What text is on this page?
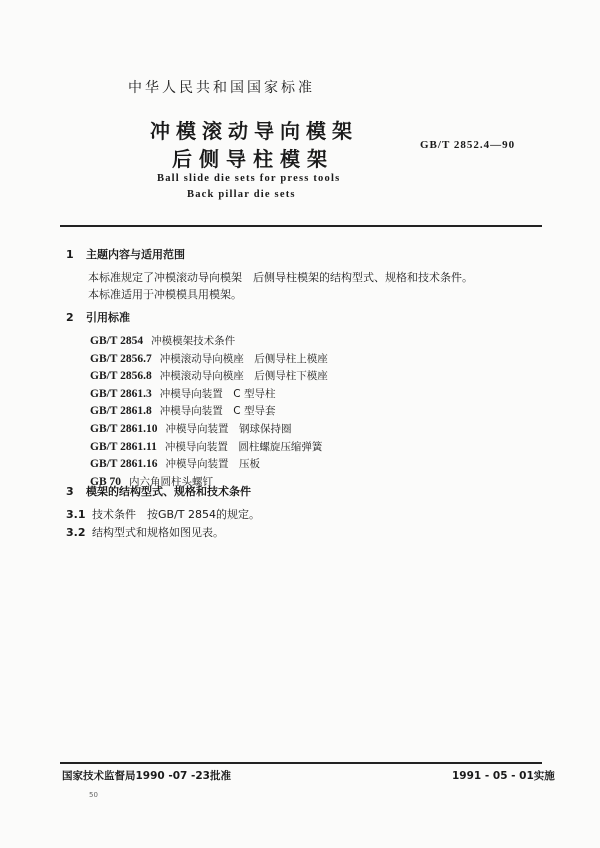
中华人民共和国国家标准
冲模滚动导向模架
后侧导柱模架
GB/T 2852.4—90
Ball slide die sets for press tools
Back pillar die sets
1 主题内容与适用范围
本标准规定了冲模滚动导向模架　后侧导柱模架的结构型式、规格和技术条件。
本标准适用于冲模模具用模架。
2 引用标准
GB/T 2854 冲模模架技术条件
GB/T 2856.7 冲模滚动导向模座　后侧导柱上模座
GB/T 2856.8 冲模滚动导向模座　后侧导柱下模座
GB/T 2861.3 冲模导向装置　C 型导柱
GB/T 2861.8 冲模导向装置　C 型导套
GB/T 2861.10 冲模导向装置　钢球保持圈
GB/T 2861.11 冲模导向装置　圆柱螺旋压缩弹簧
GB/T 2861.16 冲模导向装置　压板
GB 70 内六角圆柱头螺钉
3 模架的结构型式、规格和技术条件
3.1 技术条件　按GB/T 2854的规定。
3.2 结构型式和规格如图见表。
国家技术监督局1990 -07 -23批准	1991 - 05 - 01实施
50
